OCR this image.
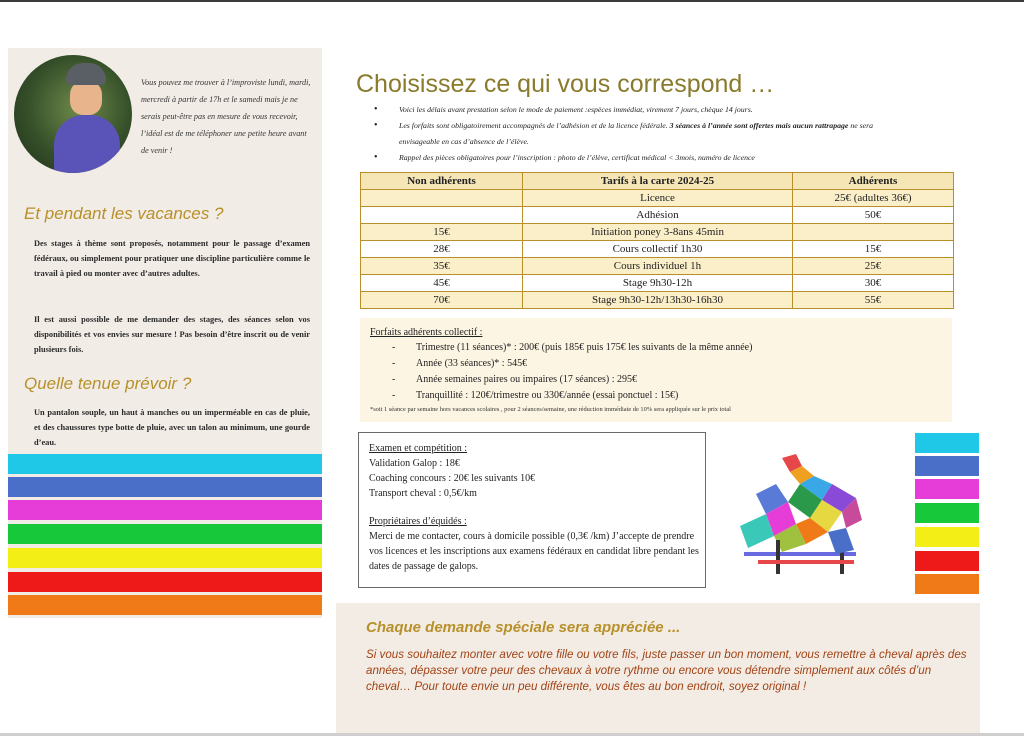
Vous pouvez me trouver à l’improviste lundi, mardi, mercredi à partir de 17h et le samedi mais je ne serais peut-être pas en mesure de vous recevoir, l’idéal est de me téléphoner une petite heure avant de venir !
Et pendant les vacances ?
Des stages à thème sont proposés, notamment pour le passage d’examen fédéraux, ou simplement pour pratiquer une discipline particulière comme le travail à pied ou monter avec d’autres adultes.
Il est aussi possible de me demander des stages, des séances selon vos disponibilités et vos envies sur mesure ! Pas besoin d’être inscrit ou de venir plusieurs fois.
Quelle tenue prévoir ?
Un pantalon souple, un haut à manches ou un imperméable en cas de pluie, et des chaussures type botte de pluie, avec un talon au minimum, une gourde d’eau.
Choisissez ce qui vous correspond …
• Voici les délais avant prestation selon le mode de paiement :espèces immédiat, virement 7 jours, chèque 14 jours.
• Les forfaits sont obligatoirement accompagnés de l’adhésion et de la licence fédérale. 3 séances à l’année sont offertes mais aucun rattrapage ne sera envisageable en cas d’absence de l’élève.
• Rappel des pièces obligatoires pour l’inscription : photo de l’élève, certificat médical < 3mois, numéro de licence
Non adhérents	Tarifs à la carte 2024-25	Adhérents
	Licence	25€ (adultes 36€)
	Adhésion	50€
15€	Initiation poney 3-8ans 45min	
28€	Cours collectif 1h30	15€
35€	Cours individuel 1h	25€
45€	Stage 9h30-12h	30€
70€	Stage 9h30-12h/13h30-16h30	55€
Forfaits adhérents collectif :
- Trimestre (11 séances)* : 200€ (puis 185€ puis 175€ les suivants de la même année)
- Année (33 séances)* : 545€
- Année semaines paires ou impaires (17 séances) : 295€
- Tranquillité : 120€/trimestre ou 330€/année (essai ponctuel : 15€)
*soit 1 séance par semaine hors vacances scolaires , pour 2 séances/semaine, une réduction immédiate de 10% sera appliquée sur le prix total
Examen et compétition :
Validation Galop : 18€
Coaching concours : 20€ les suivants 10€
Transport cheval : 0,5€/km
Propriétaires d’équidés :
Merci de me contacter, cours à domicile possible (0,3€ /km) J’accepte de prendre vos licences et les inscriptions aux examens fédéraux en candidat libre pendant les dates de passage de galops.
Chaque demande spéciale sera appréciée ...

Si vous souhaitez monter avec votre fille ou votre fils, juste passer un bon moment, vous remettre à cheval après des années, dépasser votre peur des chevaux à votre rythme ou encore vous détendre simplement aux côtés d’un cheval… Pour toute envie un peu différente, vous êtes au bon endroit, soyez original !
